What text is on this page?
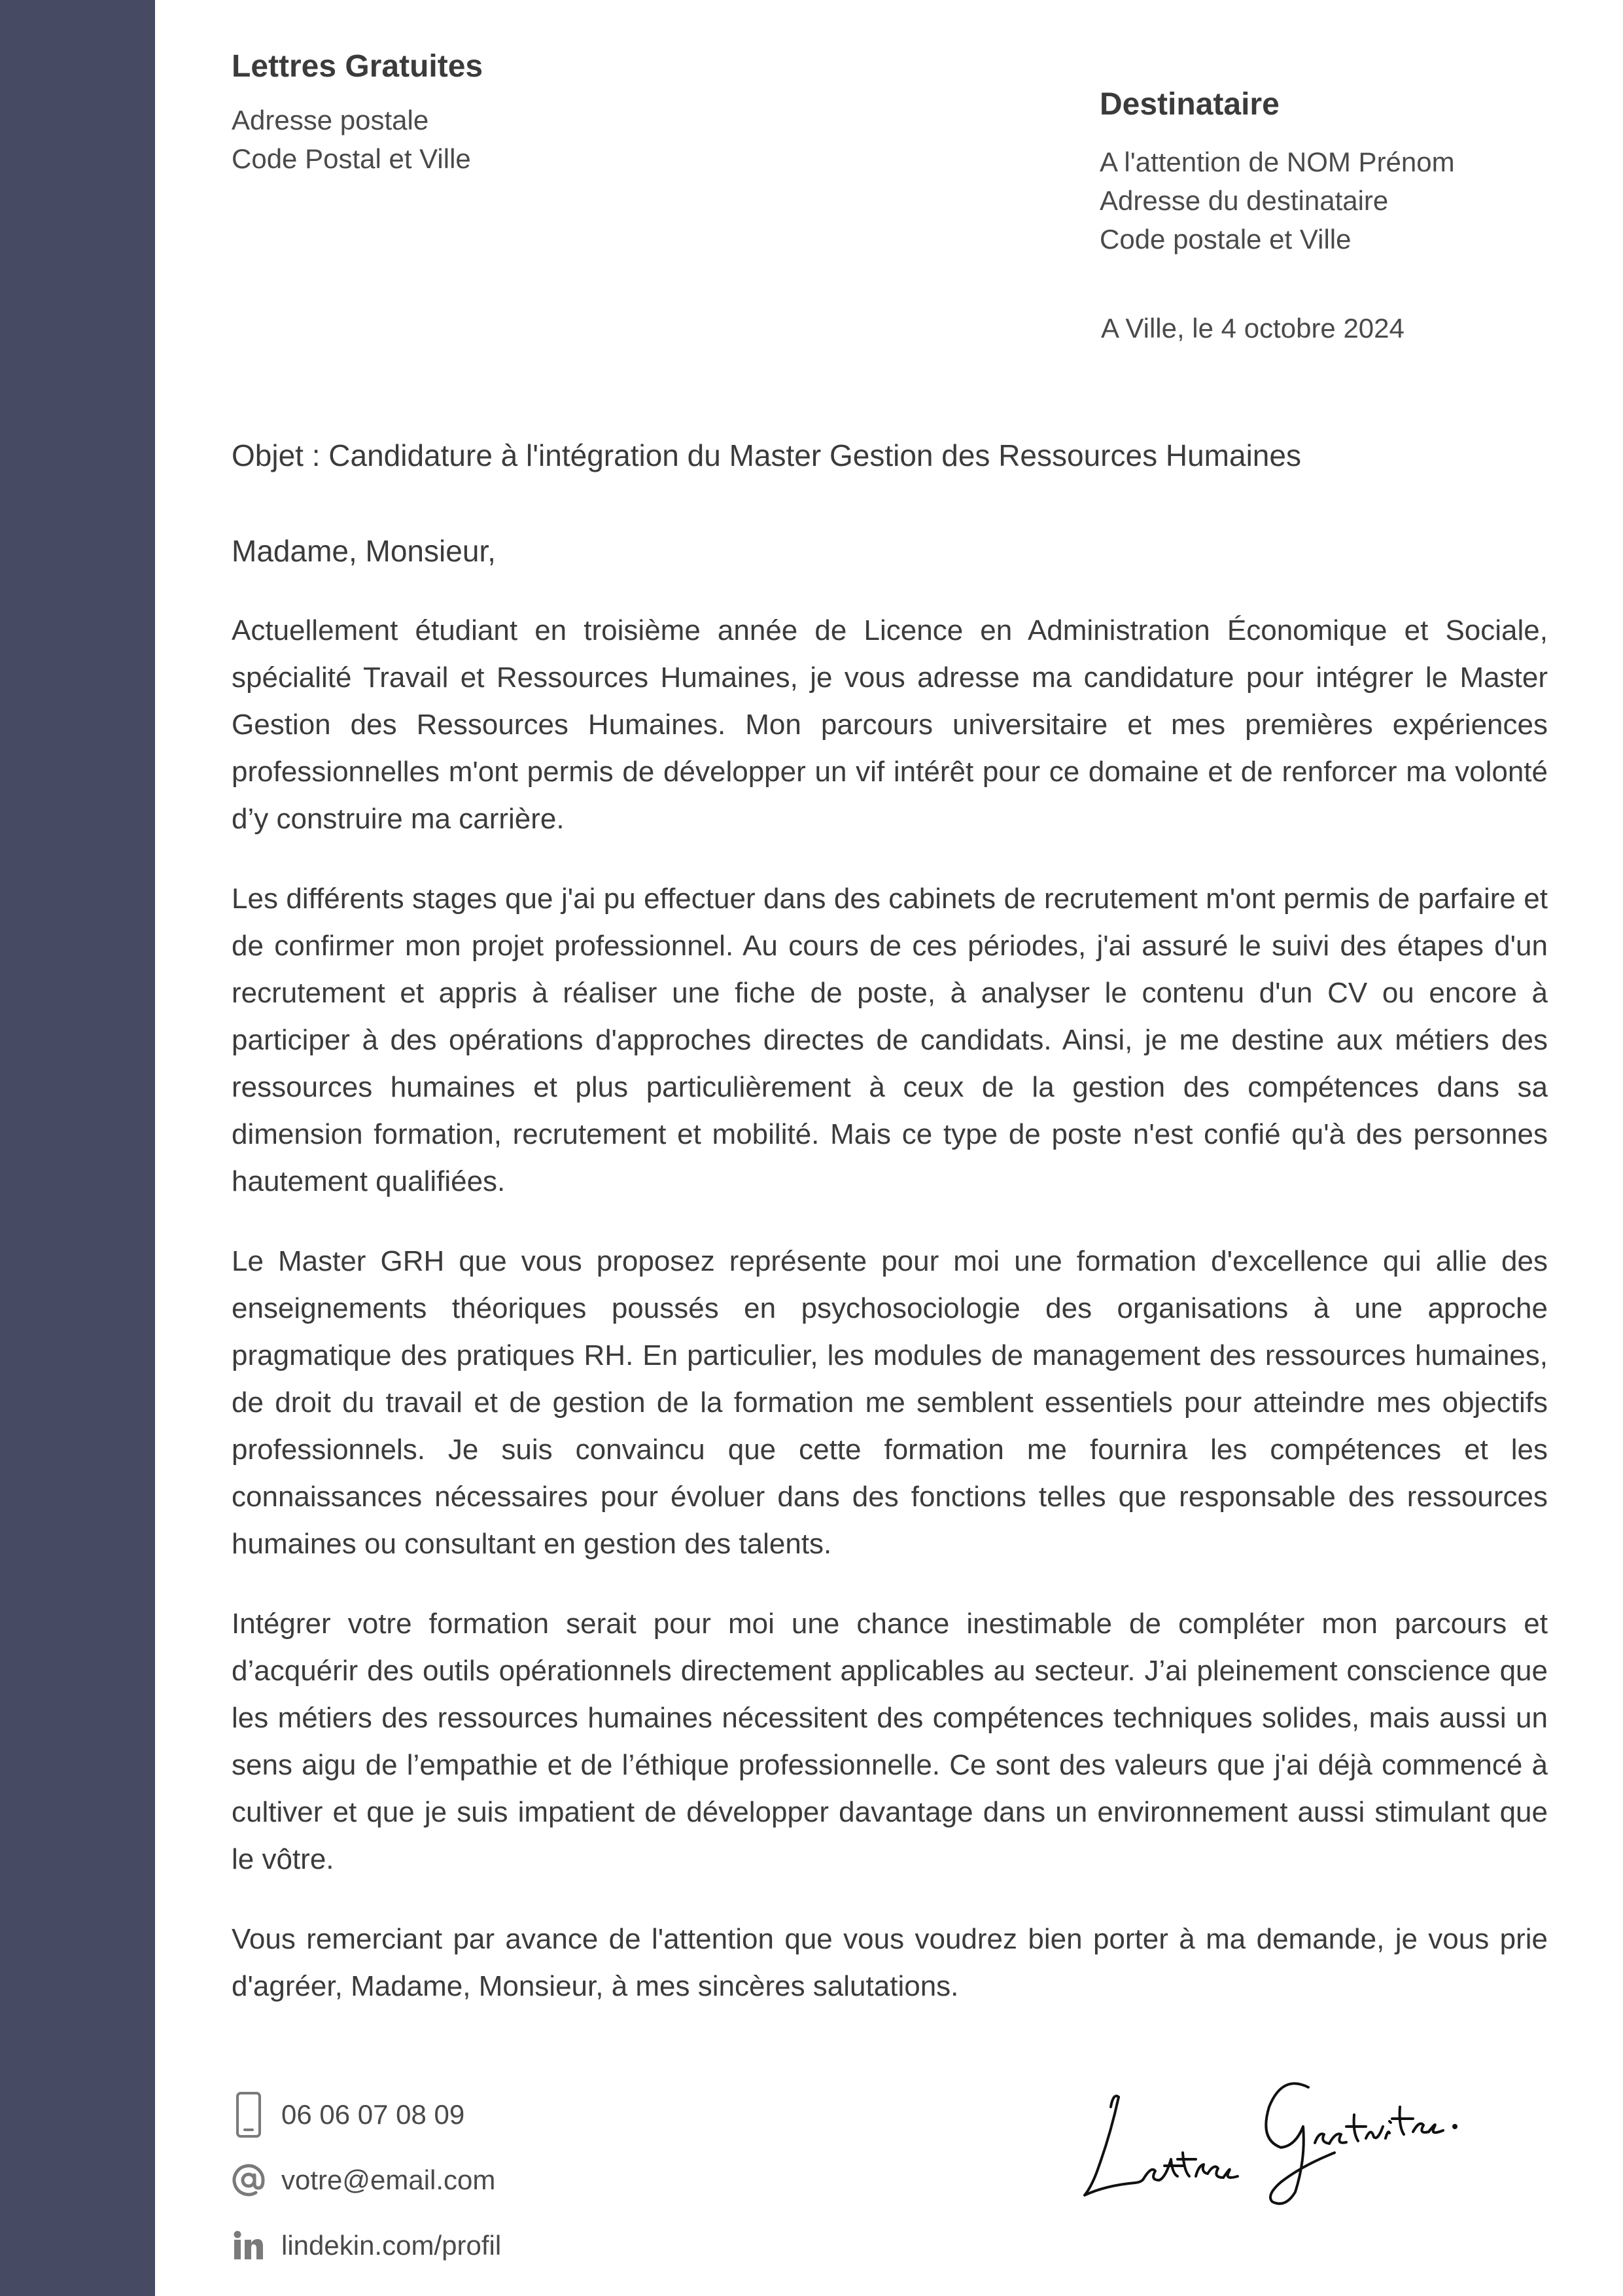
Lettres Gratuites
Adresse postale
Code Postal et Ville
Destinataire
A l'attention de NOM Prénom
Adresse du destinataire
Code postale et Ville
A Ville, le 4 octobre 2024
Objet : Candidature à l'intégration du Master Gestion des Ressources Humaines
Madame, Monsieur,

Actuellement étudiant en troisième année de Licence en Administration Économique et Sociale, spécialité Travail et Ressources Humaines, je vous adresse ma candidature pour intégrer le Master Gestion des Ressources Humaines. Mon parcours universitaire et mes premières expériences professionnelles m'ont permis de développer un vif intérêt pour ce domaine et de renforcer ma volonté d’y construire ma carrière.

Les différents stages que j'ai pu effectuer dans des cabinets de recrutement m'ont permis de parfaire et de confirmer mon projet professionnel. Au cours de ces périodes, j'ai assuré le suivi des étapes d'un recrutement et appris à réaliser une fiche de poste, à analyser le contenu d'un CV ou encore à participer à des opérations d'approches directes de candidats. Ainsi, je me destine aux métiers des ressources humaines et plus particulièrement à ceux de la gestion des compétences dans sa dimension formation, recrutement et mobilité. Mais ce type de poste n'est confié qu'à des personnes hautement qualifiées.

Le Master GRH que vous proposez représente pour moi une formation d'excellence qui allie des enseignements théoriques poussés en psychosociologie des organisations à une approche pragmatique des pratiques RH. En particulier, les modules de management des ressources humaines, de droit du travail et de gestion de la formation me semblent essentiels pour atteindre mes objectifs professionnels. Je suis convaincu que cette formation me fournira les compétences et les connaissances nécessaires pour évoluer dans des fonctions telles que responsable des ressources humaines ou consultant en gestion des talents.

Intégrer votre formation serait pour moi une chance inestimable de compléter mon parcours et d’acquérir des outils opérationnels directement applicables au secteur. J’ai pleinement conscience que les métiers des ressources humaines nécessitent des compétences techniques solides, mais aussi un sens aigu de l’empathie et de l’éthique professionnelle. Ce sont des valeurs que j'ai déjà commencé à cultiver et que je suis impatient de développer davantage dans un environnement aussi stimulant que le vôtre.

Vous remerciant par avance de l'attention que vous voudrez bien porter à ma demande, je vous prie d'agréer, Madame, Monsieur, à mes sincères salutations.

06 06 07 08 09
votre@email.com
lindekin.com/profil
